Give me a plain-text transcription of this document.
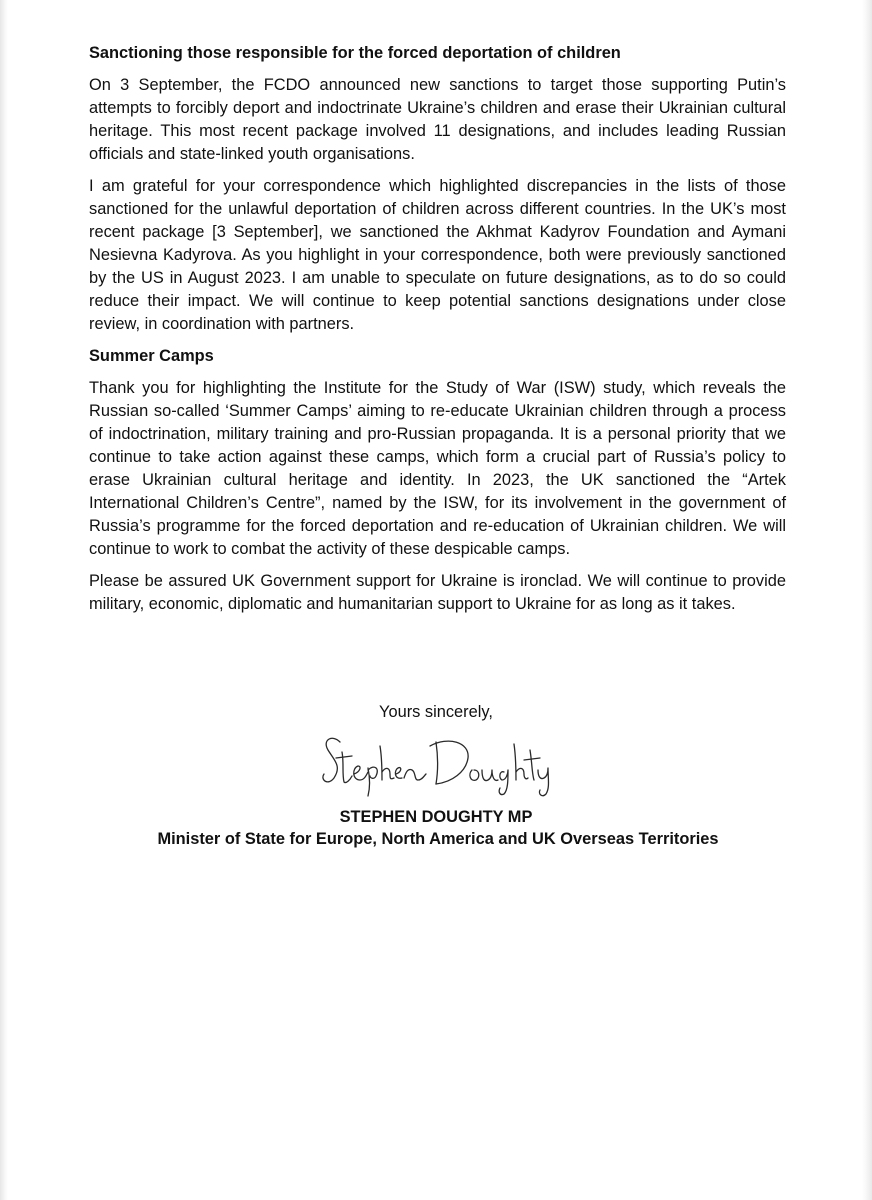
Sanctioning those responsible for the forced deportation of children

On 3 September, the FCDO announced new sanctions to target those supporting Putin’s attempts to forcibly deport and indoctrinate Ukraine’s children and erase their Ukrainian cultural heritage. This most recent package involved 11 designations, and includes leading Russian officials and state-linked youth organisations.

I am grateful for your correspondence which highlighted discrepancies in the lists of those sanctioned for the unlawful deportation of children across different countries. In the UK’s most recent package [3 September], we sanctioned the Akhmat Kadyrov Foundation and Aymani Nesievna Kadyrova. As you highlight in your correspondence, both were previously sanctioned by the US in August 2023. I am unable to speculate on future designations, as to do so could reduce their impact. We will continue to keep potential sanctions designations under close review, in coordination with partners.

Summer Camps

Thank you for highlighting the Institute for the Study of War (ISW) study, which reveals the Russian so-called ‘Summer Camps’ aiming to re-educate Ukrainian children through a process of indoctrination, military training and pro-Russian propaganda. It is a personal priority that we continue to take action against these camps, which form a crucial part of Russia’s policy to erase Ukrainian cultural heritage and identity. In 2023, the UK sanctioned the “Artek International Children’s Centre”, named by the ISW, for its involvement in the government of Russia’s programme for the forced deportation and re-education of Ukrainian children. We will continue to work to combat the activity of these despicable camps.

Please be assured UK Government support for Ukraine is ironclad. We will continue to provide military, economic, diplomatic and humanitarian support to Ukraine for as long as it takes.

Yours sincerely,
STEPHEN DOUGHTY MP
Minister of State for Europe, North America and UK Overseas Territories
